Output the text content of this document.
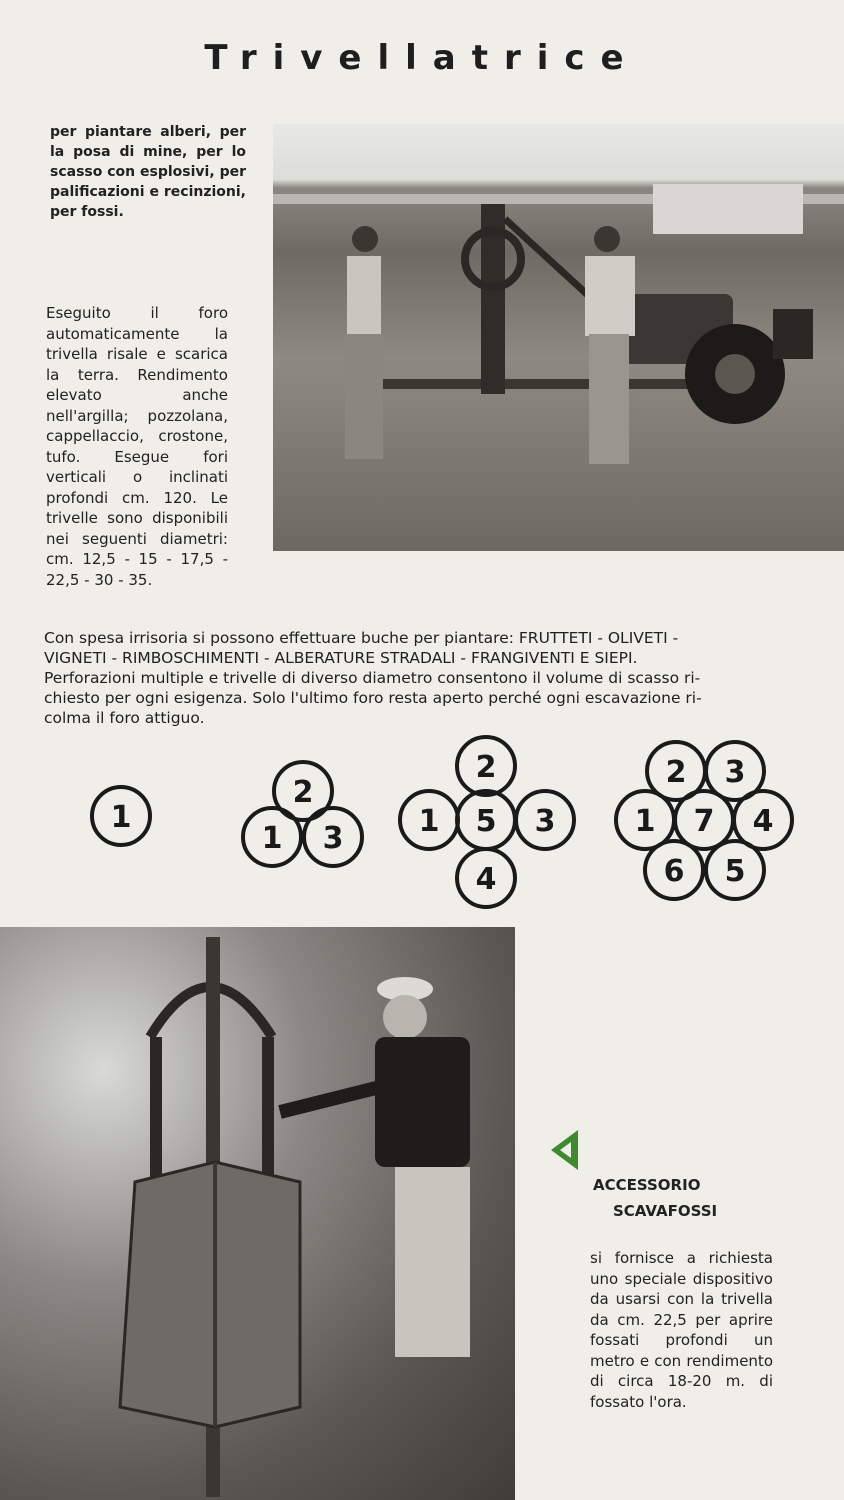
Trivellatrice
per piantare alberi, per la posa di mine, per lo scasso con esplosivi, per palificazioni e recinzioni, per fossi.
Eseguito il foro automaticamente la trivella risale e scarica la terra. Rendimento elevato anche nell'argilla; pozzolana, cappellaccio, crostone, tufo. Esegue fori verticali o inclinati profondi cm. 120. Le trivelle sono disponibili nei seguenti diametri: cm. 12,5 - 15 - 17,5 - 22,5 - 30 - 35.
Con spesa irrisoria si possono effettuare buche per piantare: FRUTTETI - OLIVETI -
VIGNETI - RIMBOSCHIMENTI - ALBERATURE STRADALI - FRANGIVENTI E SIEPI.
Perforazioni multiple e trivelle di diverso diametro consentono il volume di scasso ri-
chiesto per ogni esigenza. Solo l'ultimo foro resta aperto perché ogni escavazione ri-
colma il foro attiguo.
1
2
1 3
2
1 5 3
4
2 3
1 7 4
6 5
ACCESSORIO
SCAVAFOSSI
si fornisce a richiesta uno speciale dispositivo da usarsi con la trivella da cm. 22,5 per aprire fossati profondi un metro e con rendimento di circa 18-20 m. di fossato l'ora.
